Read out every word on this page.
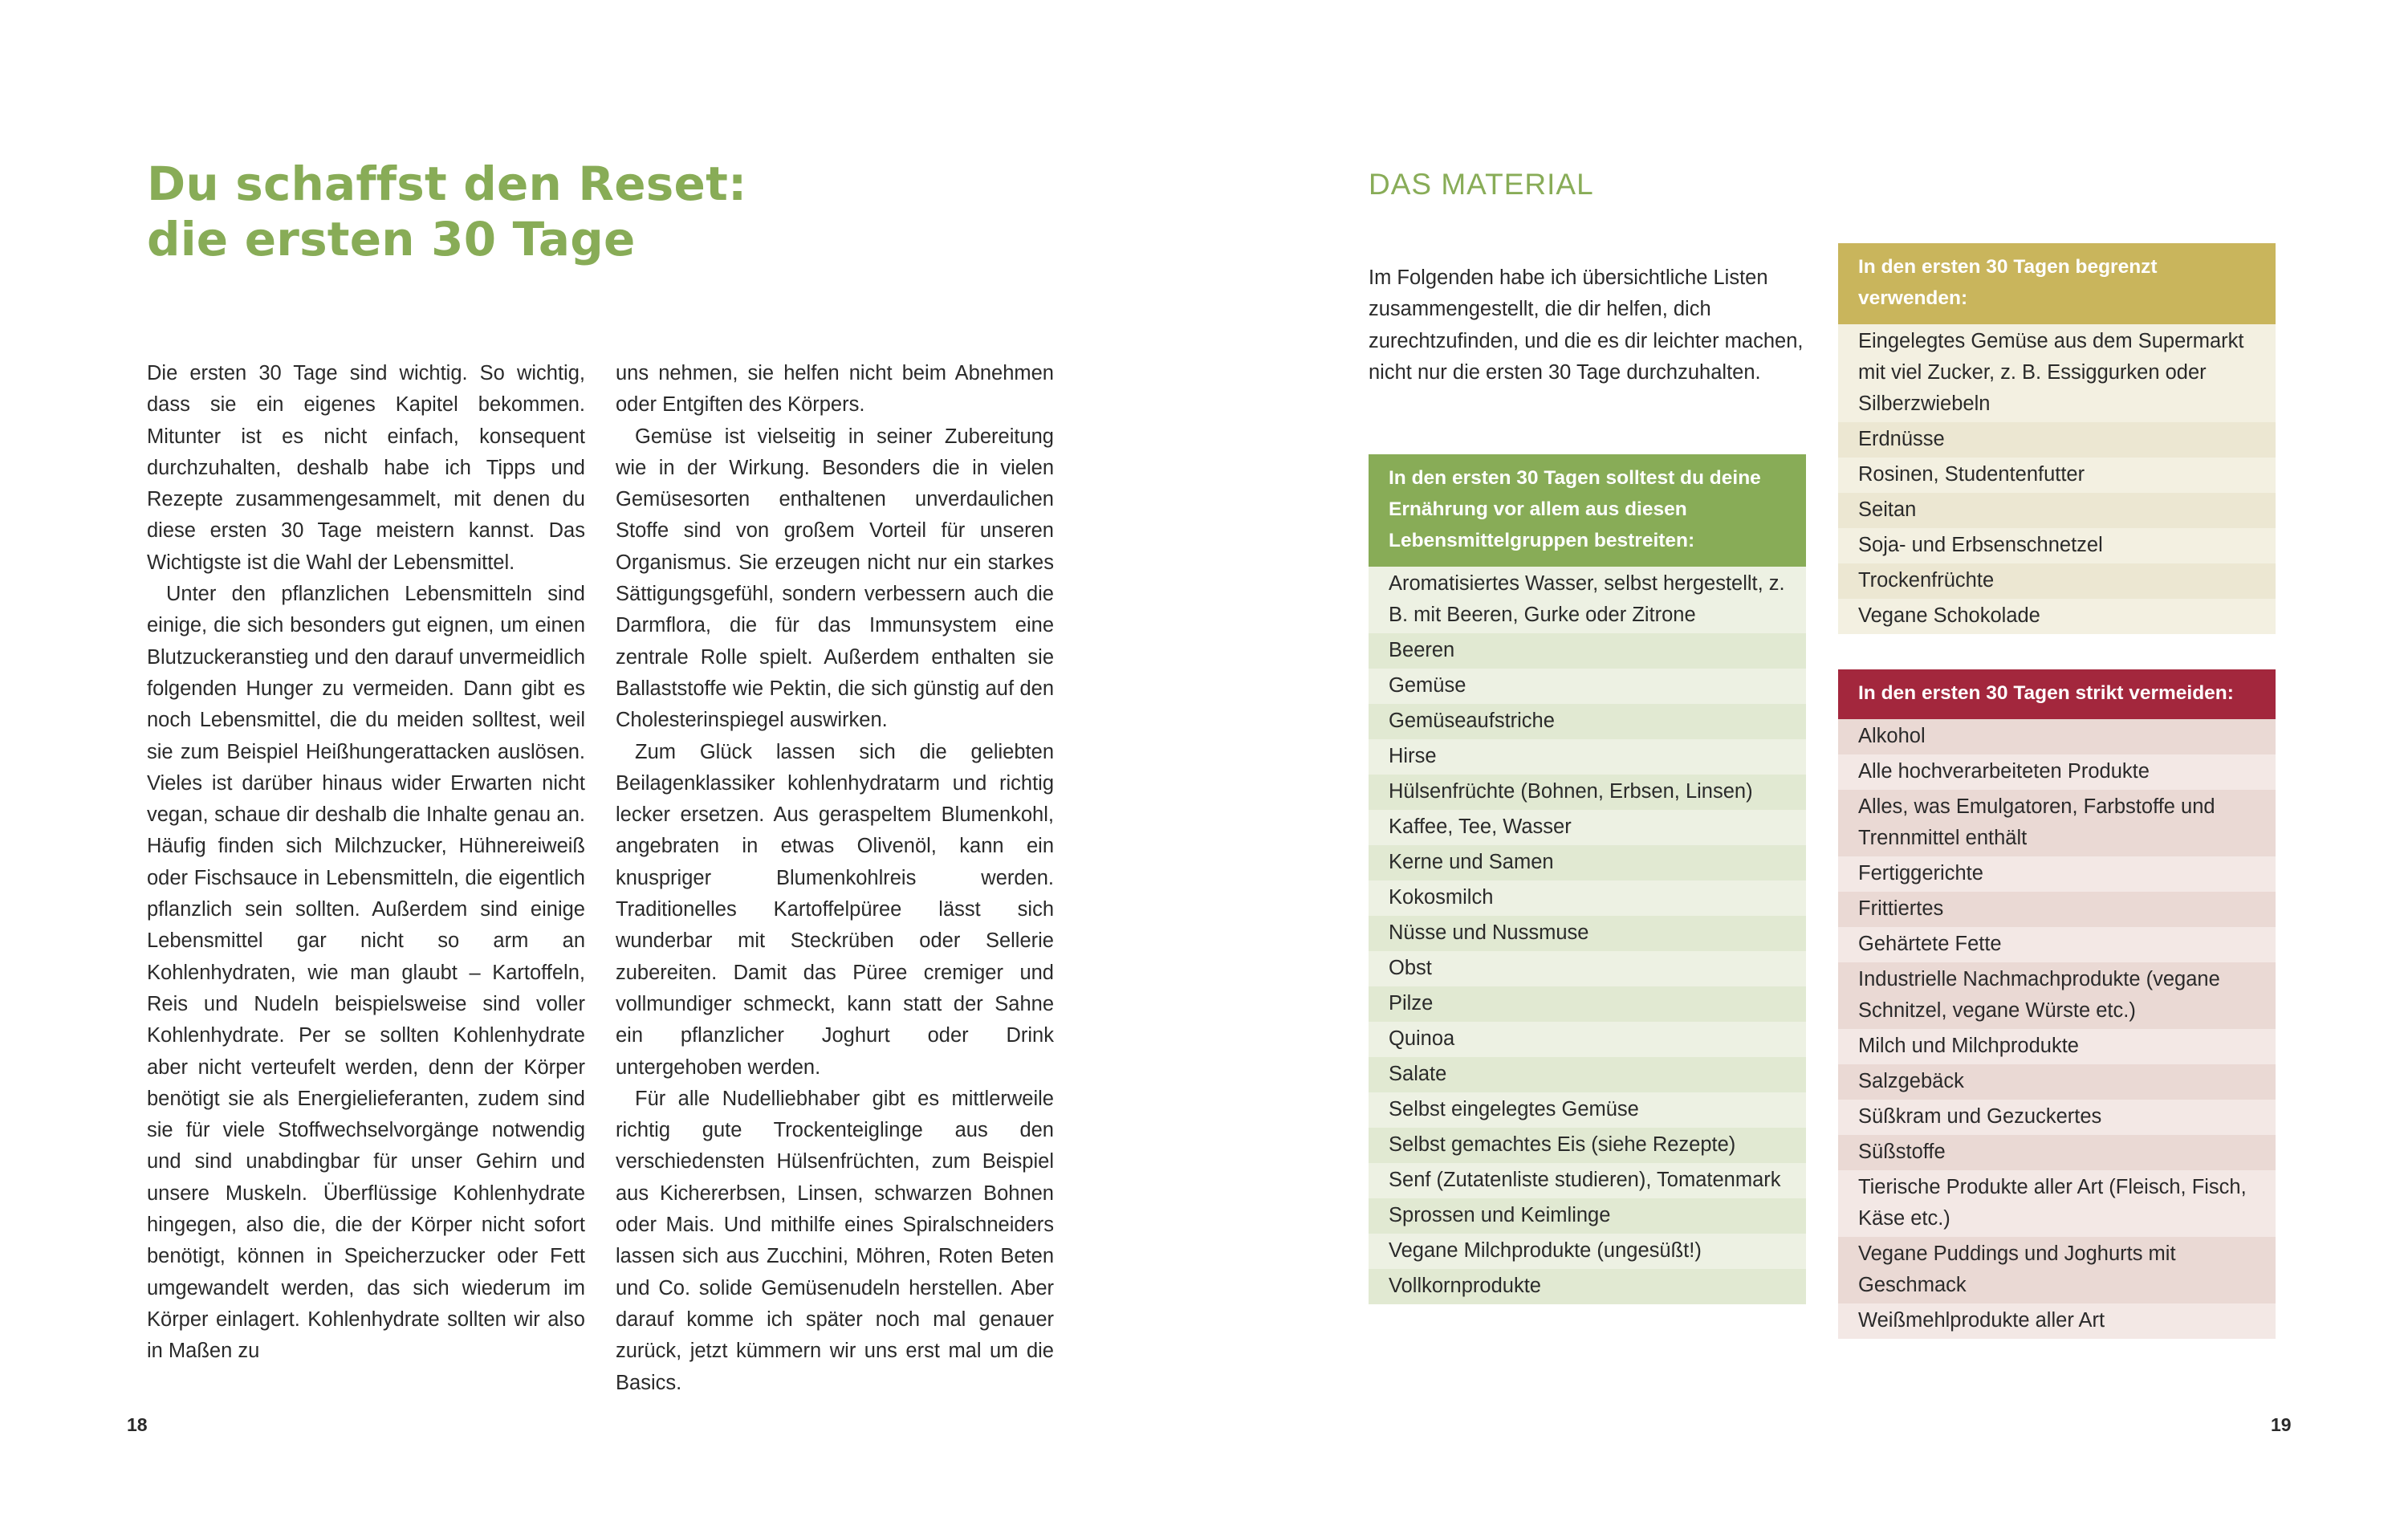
Du schaffst den Reset:
die ersten 30 Tage

Die ersten 30 Tage sind wichtig. So wichtig, dass sie ein eigenes Kapitel bekommen. Mitunter ist es nicht einfach, konsequent durchzuhalten, deshalb habe ich Tipps und Rezepte zusammengesammelt, mit denen du diese ersten 30 Tage meistern kannst. Das Wichtigste ist die Wahl der Lebensmittel.

Unter den pflanzlichen Lebensmitteln sind einige, die sich besonders gut eignen, um einen Blutzuckeranstieg und den darauf unvermeidlich folgenden Hunger zu vermeiden. Dann gibt es noch Lebensmittel, die du meiden solltest, weil sie zum Beispiel Heißhungerattacken auslösen. Vieles ist darüber hinaus wider Erwarten nicht vegan, schaue dir deshalb die Inhalte genau an. Häufig finden sich Milchzucker, Hühnereiweiß oder Fischsauce in Lebensmitteln, die eigentlich pflanzlich sein sollten. Außerdem sind einige Lebensmittel gar nicht so arm an Kohlenhydraten, wie man glaubt – Kartoffeln, Reis und Nudeln beispielsweise sind voller Kohlenhydrate. Per se sollten Kohlenhydrate aber nicht verteufelt werden, denn der Körper benötigt sie als Energielieferanten, zudem sind sie für viele Stoffwechselvorgänge notwendig und sind unabdingbar für unser Gehirn und unsere Muskeln. Überflüssige Kohlenhydrate hingegen, also die, die der Körper nicht sofort benötigt, können in Speicherzucker oder Fett umgewandelt werden, das sich wiederum im Körper einlagert. Kohlenhydrate sollten wir also in Maßen zu

uns nehmen, sie helfen nicht beim Abnehmen oder Entgiften des Körpers.

Gemüse ist vielseitig in seiner Zubereitung wie in der Wirkung. Besonders die in vielen Gemüsesorten enthaltenen unverdaulichen Stoffe sind von großem Vorteil für unseren Organismus. Sie erzeugen nicht nur ein starkes Sättigungsgefühl, sondern verbessern auch die Darmflora, die für das Immunsystem eine zentrale Rolle spielt. Außerdem enthalten sie Ballaststoffe wie Pektin, die sich günstig auf den Cholesterinspiegel auswirken.

Zum Glück lassen sich die geliebten Beilagenklassiker kohlenhydratarm und richtig lecker ersetzen. Aus geraspeltem Blumenkohl, angebraten in etwas Olivenöl, kann ein knuspriger Blumenkohlreis werden. Traditionelles Kartoffelpüree lässt sich wunderbar mit Steckrüben oder Sellerie zubereiten. Damit das Püree cremiger und vollmundiger schmeckt, kann statt der Sahne ein pflanzlicher Joghurt oder Drink untergehoben werden.

Für alle Nudelliebhaber gibt es mittlerweile richtig gute Trockenteiglinge aus den verschiedensten Hülsenfrüchten, zum Beispiel aus Kichererbsen, Linsen, schwarzen Bohnen oder Mais. Und mithilfe eines Spiralschneiders lassen sich aus Zucchini, Möhren, Roten Beten und Co. solide Gemüsenudeln herstellen. Aber darauf komme ich später noch mal genauer zurück, jetzt kümmern wir uns erst mal um die Basics.

18
DAS MATERIAL
Im Folgenden habe ich übersichtliche Listen zusammengestellt, die dir helfen, dich zurechtzufinden, und die es dir leichter machen, nicht nur die ersten 30 Tage durchzuhalten.
In den ersten 30 Tagen solltest du deine Ernährung vor allem aus diesen Lebensmittelgruppen bestreiten:
Aromatisiertes Wasser, selbst hergestellt, z. B. mit Beeren, Gurke oder Zitrone
Beeren
Gemüse
Gemüseaufstriche
Hirse
Hülsenfrüchte (Bohnen, Erbsen, Linsen)
Kaffee, Tee, Wasser
Kerne und Samen
Kokosmilch
Nüsse und Nussmuse
Obst
Pilze
Quinoa
Salate
Selbst eingelegtes Gemüse
Selbst gemachtes Eis (siehe Rezepte)
Senf (Zutatenliste studieren), Tomatenmark
Sprossen und Keimlinge
Vegane Milchprodukte (ungesüßt!)
Vollkornprodukte
In den ersten 30 Tagen begrenzt verwenden:
Eingelegtes Gemüse aus dem Supermarkt mit viel Zucker, z. B. Essiggurken oder Silberzwiebeln
Erdnüsse
Rosinen, Studentenfutter
Seitan
Soja- und Erbsenschnetzel
Trockenfrüchte
Vegane Schokolade
In den ersten 30 Tagen strikt vermeiden:
Alkohol
Alle hochverarbeiteten Produkte
Alles, was Emulgatoren, Farbstoffe und Trennmittel enthält
Fertiggerichte
Frittiertes
Gehärtete Fette
Industrielle Nachmachprodukte (vegane Schnitzel, vegane Würste etc.)
Milch und Milchprodukte
Salzgebäck
Süßkram und Gezuckertes
Süßstoffe
Tierische Produkte aller Art (Fleisch, Fisch, Käse etc.)
Vegane Puddings und Joghurts mit Geschmack
Weißmehlprodukte aller Art
19
